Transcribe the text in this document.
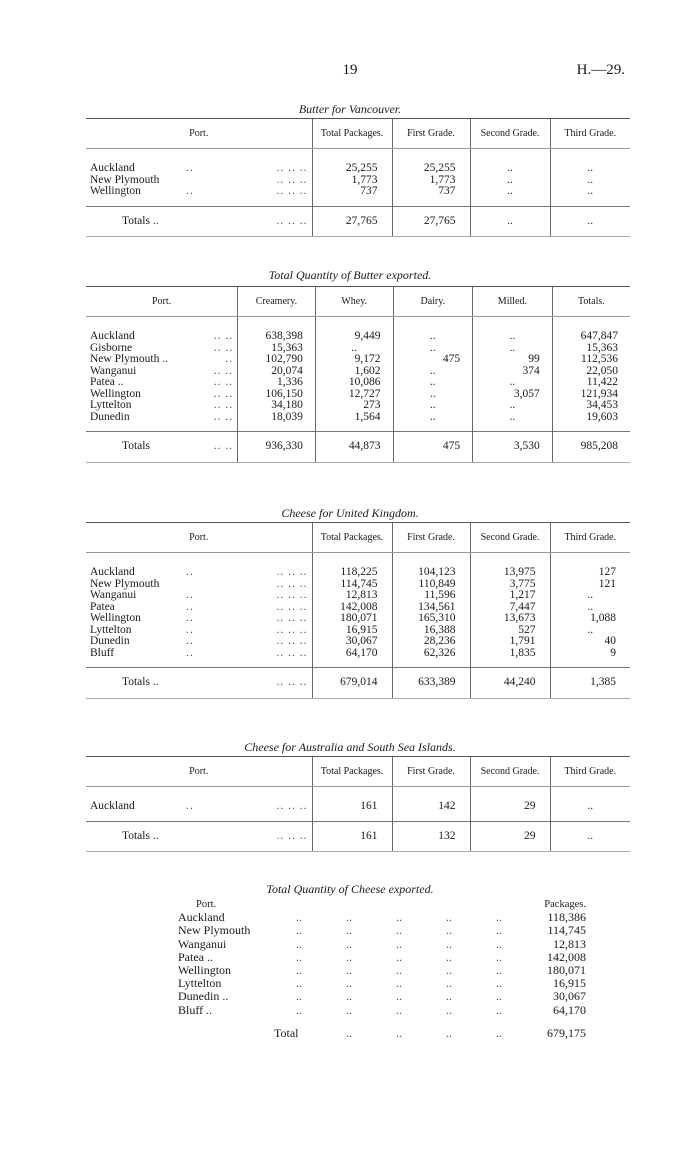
19	H.—29.
Butter for Vancouver.
Port.			Total Packages.	First Grade.	Second Grade.	Third Grade.
Auckland	..	.. .. ..	25,255	25,255	..	..
New Plymouth		.. .. ..	1,773	1,773	..	..
Wellington	..	.. .. ..	737	737	..	..
Totals ..		.. .. ..	27,765	27,765	..	..
Total Quantity of Butter exported.
Port.		Creamery.	Whey.	Dairy.	Milled.	Totals.
Auckland	.. ..	638,398	9,449	..	..	647,847
Gisborne	.. ..	15,363	..	..	..	15,363
New Plymouth ..	..	102,790	9,172	475	99	112,536
Wanganui	.. ..	20,074	1,602	..	374	22,050
Patea ..	.. ..	1,336	10,086	..	..	11,422
Wellington	.. ..	106,150	12,727	..	3,057	121,934
Lyttelton	.. ..	34,180	273	..	..	34,453
Dunedin	.. ..	18,039	1,564	..	..	19,603
Totals	.. ..	936,330	44,873	475	3,530	985,208
Cheese for United Kingdom.
Port.			Total Packages.	First Grade.	Second Grade.	Third Grade.
Auckland	..	.. .. ..	118,225	104,123	13,975	127
New Plymouth		.. .. ..	114,745	110,849	3,775	121
Wanganui	..	.. .. ..	12,813	11,596	1,217	..
Patea	..	.. .. ..	142,008	134,561	7,447	..
Wellington	..	.. .. ..	180,071	165,310	13,673	1,088
Lyttelton	..	.. .. ..	16,915	16,388	527	..
Dunedin	..	.. .. ..	30,067	28,236	1,791	40
Bluff	..	.. .. ..	64,170	62,326	1,835	9
Totals ..		.. .. ..	679,014	633,389	44,240	1,385
Cheese for Australia and South Sea Islands.
Port.			Total Packages.	First Grade.	Second Grade.	Third Grade.
Auckland	..	.. .. ..	161	142	29	..
Totals ..		.. .. ..	161	132	29	..
Total Quantity of Cheese exported.
Port.						Packages.
Auckland	..	..	..	..	..	118,386
New Plymouth	..	..	..	..	..	114,745
Wanganui	..	..	..	..	..	12,813
Patea ..	..	..	..	..	..	142,008
Wellington	..	..	..	..	..	180,071
Lyttelton	..	..	..	..	..	16,915
Dunedin ..	..	..	..	..	..	30,067
Bluff ..	..	..	..	..	..	64,170
	Total	..	..	..	..	679,175
